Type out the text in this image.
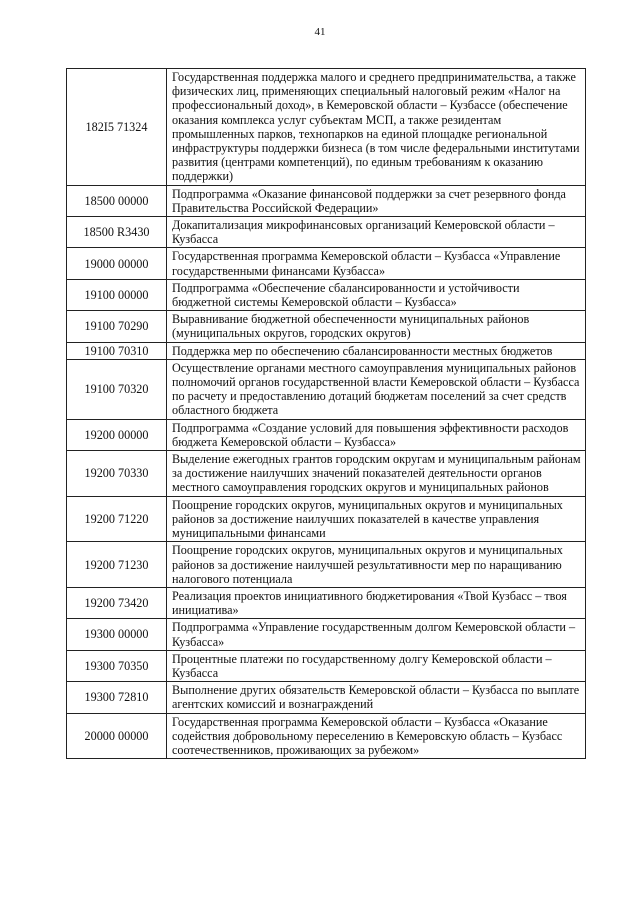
41
182I5 71324	Государственная поддержка малого и среднего предпринимательства, а также физических лиц, применяющих специальный налоговый режим «Налог на профессиональный доход», в Кемеровской области – Кузбассе (обеспечение оказания комплекса услуг субъектам МСП, а также резидентам промышленных парков, технопарков на единой площадке региональной инфраструктуры поддержки бизнеса (в том числе федеральными институтами развития (центрами компетенций), по единым требованиям к оказанию поддержки)
18500 00000	Подпрограмма «Оказание финансовой поддержки за счет резервного фонда Правительства Российской Федерации»
18500 R3430	Докапитализация микрофинансовых организаций Кемеровской области – Кузбасса
19000 00000	Государственная программа Кемеровской области – Кузбасса «Управление государственными финансами Кузбасса»
19100 00000	Подпрограмма «Обеспечение сбалансированности и устойчивости бюджетной системы Кемеровской области – Кузбасса»
19100 70290	Выравнивание бюджетной обеспеченности муниципальных районов (муниципальных округов, городских округов)
19100 70310	Поддержка мер по обеспечению сбалансированности местных бюджетов
19100 70320	Осуществление органами местного самоуправления муниципальных районов полномочий органов государственной власти Кемеровской области – Кузбасса по расчету и предоставлению дотаций бюджетам поселений за счет средств областного бюджета
19200 00000	Подпрограмма «Создание условий для повышения эффективности расходов бюджета Кемеровской области – Кузбасса»
19200 70330	Выделение ежегодных грантов городским округам и муниципальным районам за достижение наилучших значений показателей деятельности органов местного самоуправления городских округов и муниципальных районов
19200 71220	Поощрение городских округов, муниципальных округов и муниципальных районов за достижение наилучших показателей в качестве управления муниципальными финансами
19200 71230	Поощрение городских округов, муниципальных округов и муниципальных районов за достижение наилучшей результативности мер по наращиванию налогового потенциала
19200 73420	Реализация проектов инициативного бюджетирования «Твой Кузбасс – твоя инициатива»
19300 00000	Подпрограмма «Управление государственным долгом Кемеровской области – Кузбасса»
19300 70350	Процентные платежи по государственному долгу Кемеровской области – Кузбасса
19300 72810	Выполнение других обязательств Кемеровской области – Кузбасса по выплате агентских комиссий и вознаграждений
20000 00000	Государственная программа Кемеровской области – Кузбасса «Оказание содействия добровольному переселению в Кемеровскую область – Кузбасс соотечественников, проживающих за рубежом»
